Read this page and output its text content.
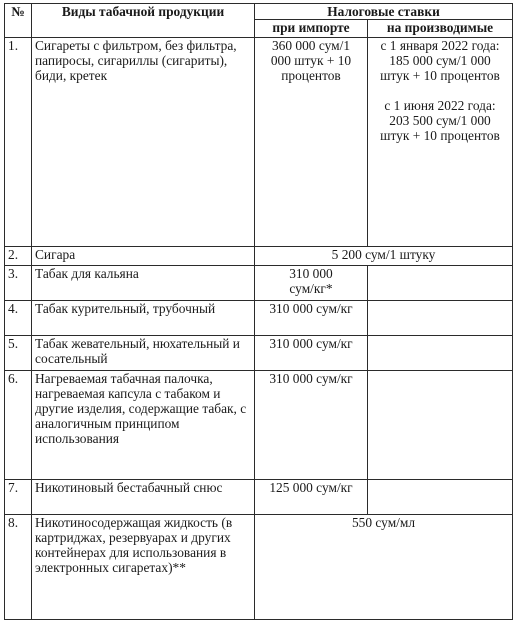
№	Виды табачной продукции	Налоговые ставки	
		при импорте	на производимые
1.	Сигареты с фильтром, без фильтра, папиросы, сигариллы (сигариты), биди, кретек	360 000 сум/1 000 штук + 10 процентов	с 1 января 2022 года: 185 000 сум/1 000 штук + 10 процентов
с 1 июня 2022 года: 203 500 сум/1 000 штук + 10 процентов

2.	Сигара	5 200 сум/1 штуку	
3.	Табак для кальяна	310 000 сум/кг*	
4.	Табак курительный, трубочный	310 000 сум/кг	
5.	Табак жевательный, нюхательный и сосательный	310 000 сум/кг	
6.	Нагреваемая табачная палочка, нагреваемая капсула с табаком и другие изделия, содержащие табак, с аналогичным принципом использования	310 000 сум/кг	
7.	Никотиновый бестабачный снюс	125 000 сум/кг	
8.	Никотиносодержащая жидкость (в картриджах, резервуарах и других контейнерах для использования в электронных сигаретах)**	550 сум/мл	
